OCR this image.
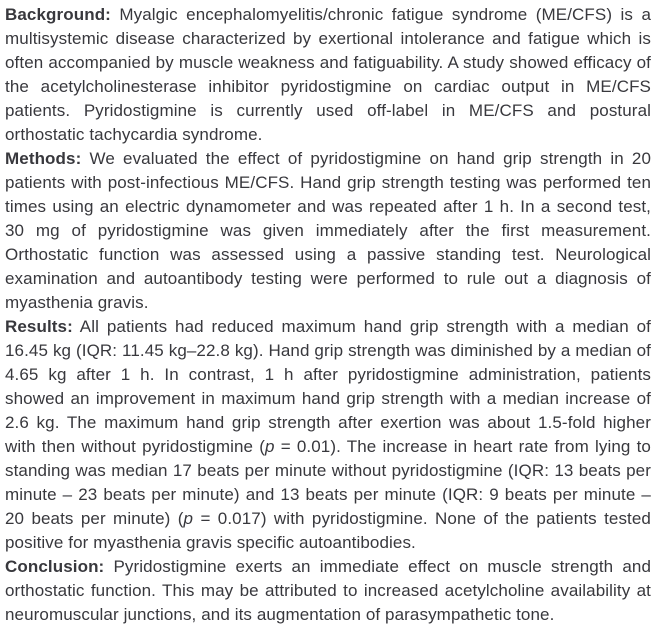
Background: Myalgic encephalomyelitis/chronic fatigue syndrome (ME/CFS) is a multisystemic disease characterized by exertional intolerance and fatigue which is often accompanied by muscle weakness and fatiguability. A study showed efficacy of the acetylcholinesterase inhibitor pyridostigmine on cardiac output in ME/CFS patients. Pyridostigmine is currently used off-label in ME/CFS and postural orthostatic tachycardia syndrome.

Methods: We evaluated the effect of pyridostigmine on hand grip strength in 20 patients with post-infectious ME/CFS. Hand grip strength testing was performed ten times using an electric dynamometer and was repeated after 1 h. In a second test, 30 mg of pyridostigmine was given immediately after the first measurement. Orthostatic function was assessed using a passive standing test. Neurological examination and autoantibody testing were performed to rule out a diagnosis of myasthenia gravis.

Results: All patients had reduced maximum hand grip strength with a median of 16.45 kg (IQR: 11.45 kg–22.8 kg). Hand grip strength was diminished by a median of 4.65 kg after 1 h. In contrast, 1 h after pyridostigmine administration, patients showed an improvement in maximum hand grip strength with a median increase of 2.6 kg. The maximum hand grip strength after exertion was about 1.5-fold higher with then without pyridostigmine (p = 0.01). The increase in heart rate from lying to standing was median 17 beats per minute without pyridostigmine (IQR: 13 beats per minute – 23 beats per minute) and 13 beats per minute (IQR: 9 beats per minute – 20 beats per minute) (p = 0.017) with pyridostigmine. None of the patients tested positive for myasthenia gravis specific autoantibodies.

Conclusion: Pyridostigmine exerts an immediate effect on muscle strength and orthostatic function. This may be attributed to increased acetylcholine availability at neuromuscular junctions, and its augmentation of parasympathetic tone.
